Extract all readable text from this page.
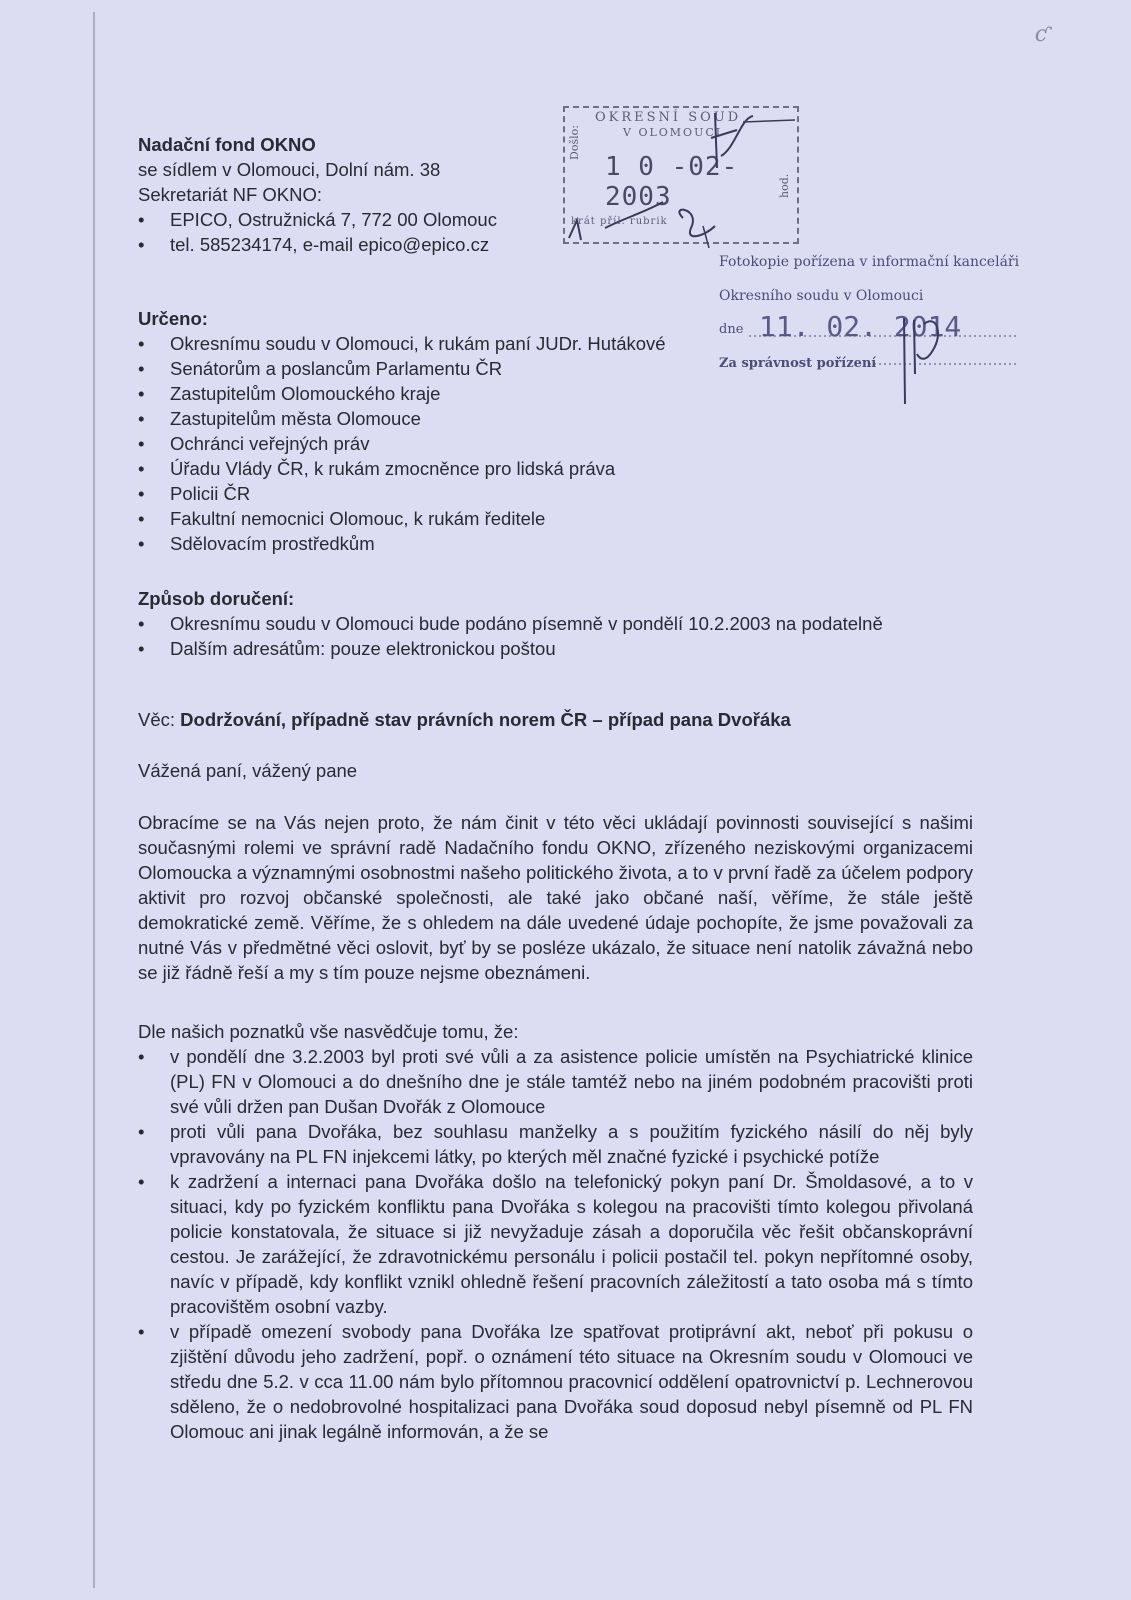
ƈ
Nadační fond OKNO
se sídlem v Olomouci, Dolní nám. 38
Sekretariát NF OKNO:
• EPICO, Ostružnická 7, 772 00 Olomouc
• tel. 585234174, e-mail epico@epico.cz
OKRESNÍ SOUD
V OLOMOUCI
1 0 -02- 2003
Došlo:
hod.
krát příl. rubrik
Fotokopie pořízena v informační kanceláři
Okresního soudu v Olomouci
dne 11. 02. 2014
Za správnost pořízení
Určeno:
• Okresnímu soudu v Olomouci, k rukám paní JUDr. Hutákové
• Senátorům a poslancům Parlamentu ČR
• Zastupitelům Olomouckého kraje
• Zastupitelům města Olomouce
• Ochránci veřejných práv
• Úřadu Vlády ČR, k rukám zmocněnce pro lidská práva
• Policii ČR
• Fakultní nemocnici Olomouc, k rukám ředitele
• Sdělovacím prostředkům
Způsob doručení:
• Okresnímu soudu v Olomouci bude podáno písemně v pondělí 10.2.2003 na podatelně
• Dalším adresátům: pouze elektronickou poštou
Věc: Dodržování, případně stav právních norem ČR – případ pana Dvořáka
Vážená paní, vážený pane
Obracíme se na Vás nejen proto, že nám činit v této věci ukládají povinnosti související s našimi současnými rolemi ve správní radě Nadačního fondu OKNO, zřízeného neziskovými organizacemi Olomoucka a významnými osobnostmi našeho politického života, a to v první řadě za účelem podpory aktivit pro rozvoj občanské společnosti, ale také jako občané naší, věříme, že stále ještě demokratické země. Věříme, že s ohledem na dále uvedené údaje pochopíte, že jsme považovali za nutné Vás v předmětné věci oslovit, byť by se posléze ukázalo, že situace není natolik závažná nebo se již řádně řeší a my s tím pouze nejsme obeznámeni.
Dle našich poznatků vše nasvědčuje tomu, že:
• v pondělí dne 3.2.2003 byl proti své vůli a za asistence policie umístěn na Psychiatrické klinice (PL) FN v Olomouci a do dnešního dne je stále tamtéž nebo na jiném podobném pracovišti proti své vůli držen pan Dušan Dvořák z Olomouce
• proti vůli pana Dvořáka, bez souhlasu manželky a s použitím fyzického násilí do něj byly vpravovány na PL FN injekcemi látky, po kterých měl značné fyzické i psychické potíže
• k zadržení a internaci pana Dvořáka došlo na telefonický pokyn paní Dr. Šmoldasové, a to v situaci, kdy po fyzickém konfliktu pana Dvořáka s kolegou na pracovišti tímto kolegou přivolaná policie konstatovala, že situace si již nevyžaduje zásah a doporučila věc řešit občanskoprávní cestou. Je zarážející, že zdravotnickému personálu i policii postačil tel. pokyn nepřítomné osoby, navíc v případě, kdy konflikt vznikl ohledně řešení pracovních záležitostí a tato osoba má s tímto pracovištěm osobní vazby.
• v případě omezení svobody pana Dvořáka lze spatřovat protiprávní akt, neboť při pokusu o zjištění důvodu jeho zadržení, popř. o oznámení této situace na Okresním soudu v Olomouci ve středu dne 5.2. v cca 11.00 nám bylo přítomnou pracovnicí oddělení opatrovnictví p. Lechnerovou sděleno, že o nedobrovolné hospitalizaci pana Dvořáka soud doposud nebyl písemně od PL FN Olomouc ani jinak legálně informován, a že se
